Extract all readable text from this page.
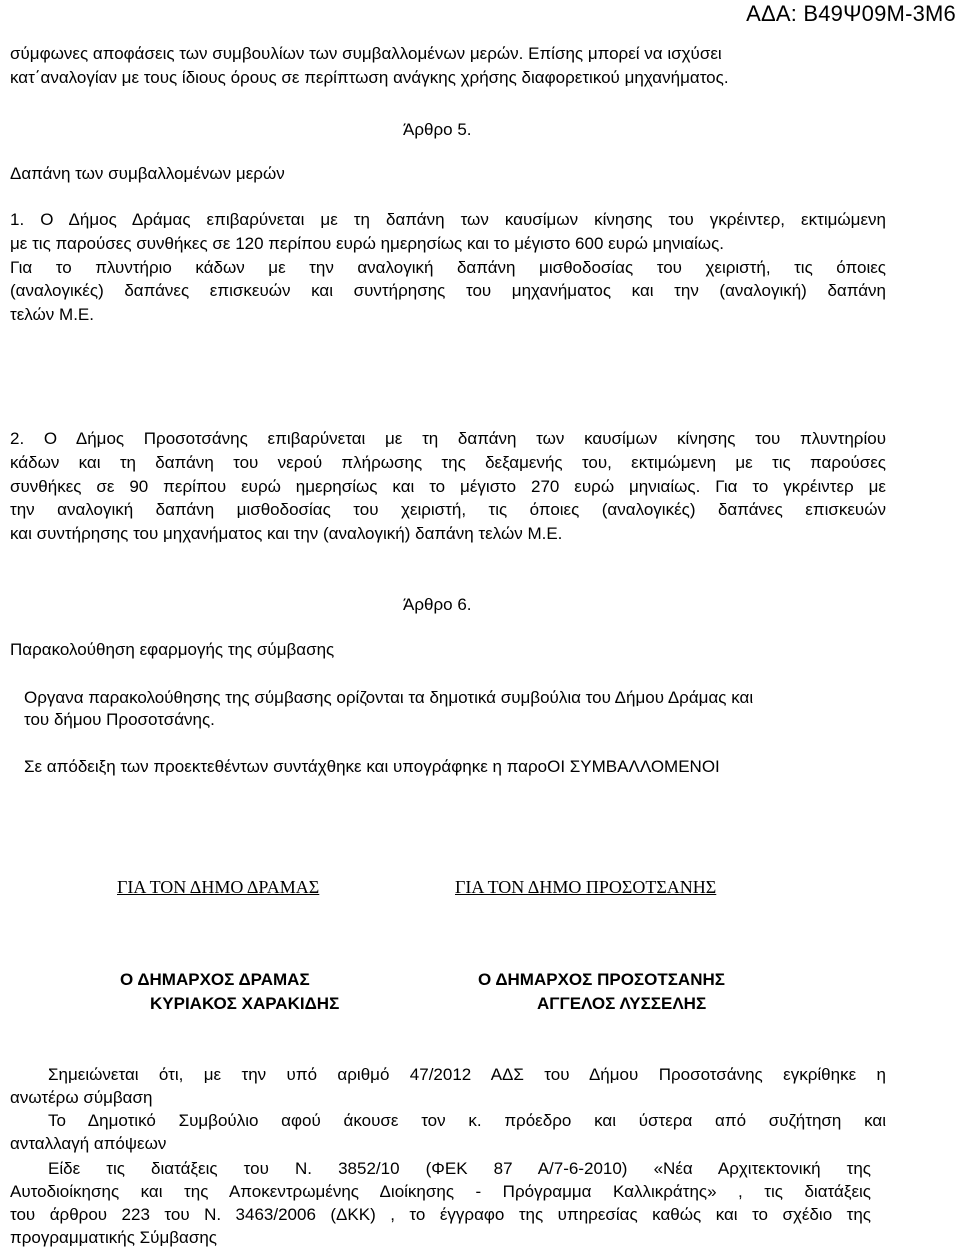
ΑΔΑ: Β49Ψ09Μ-3Μ6
σύμφωνες αποφάσεις των συμβουλίων των συμβαλλομένων μερών. Επίσης μπορεί να ισχύσει
κατ΄αναλογίαν με τους ίδιους όρους σε περίπτωση ανάγκης χρήσης διαφορετικού μηχανήματος.
Άρθρο 5.
Δαπάνη των συμβαλλομένων μερών
1. Ο Δήμος Δράμας επιβαρύνεται με τη δαπάνη των καυσίμων κίνησης του γκρέιντερ, εκτιμώμενη
με τις παρούσες συνθήκες σε 120 περίπου ευρώ ημερησίως και το μέγιστο 600 ευρώ μηνιαίως.
Για το πλυντήριο κάδων με την αναλογική δαπάνη μισθοδοσίας του χειριστή, τις όποιες
(αναλογικές) δαπάνες επισκευών και συντήρησης του μηχανήματος και την (αναλογική) δαπάνη
τελών Μ.Ε.
2. Ο Δήμος Προσοτσάνης επιβαρύνεται με τη δαπάνη των καυσίμων κίνησης του πλυντηρίου
κάδων και τη δαπάνη του νερού πλήρωσης της δεξαμενής του, εκτιμώμενη με τις παρούσες
συνθήκες σε 90 περίπου ευρώ ημερησίως και το μέγιστο 270 ευρώ μηνιαίως. Για το γκρέιντερ με
την αναλογική δαπάνη μισθοδοσίας του χειριστή, τις όποιες (αναλογικές) δαπάνες επισκευών
και συντήρησης του μηχανήματος και την (αναλογική) δαπάνη τελών Μ.Ε.
Άρθρο 6.
Παρακολούθηση εφαρμογής της σύμβασης
Οργανα παρακολούθησης της σύμβασης ορίζονται τα δημοτικά συμβούλια του Δήμου Δράμας και
του δήμου Προσοτσάνης.
Σε απόδειξη των προεκτεθέντων συντάχθηκε και υπογράφηκε η παροΟΙ ΣΥΜΒΑΛΛΟΜΕΝΟΙ
ΓΙΑ ΤΟΝ ΔΗΜΟ ΔΡΑΜΑΣ	ΓΙΑ ΤΟΝ ΔΗΜΟ ΠΡΟΣΟΤΣΑΝΗΣ
Ο ΔΗΜΑΡΧΟΣ ΔΡΑΜΑΣ
ΚΥΡΙΑΚΟΣ ΧΑΡΑΚΙΔΗΣ
Ο ΔΗΜΑΡΧΟΣ ΠΡΟΣΟΤΣΑΝΗΣ
ΑΓΓΕΛΟΣ ΛΥΣΣΕΛΗΣ
Σημειώνεται ότι, με την υπό αριθμό 47/2012 ΑΔΣ του Δήμου Προσοτσάνης εγκρίθηκε η
ανωτέρω σύμβαση
Το Δημοτικό Συμβούλιο αφού άκουσε τον κ. πρόεδρο και ύστερα από συζήτηση και
ανταλλαγή απόψεων
Είδε τις διατάξεις του Ν. 3852/10 (ΦΕΚ 87 Α/7-6-2010) «Νέα Αρχιτεκτονική της
Αυτοδιοίκησης και της Αποκεντρωμένης Διοίκησης - Πρόγραμμα Καλλικράτης» , τις διατάξεις
του άρθρου 223 του Ν. 3463/2006 (ΔΚΚ) , το έγγραφο της υπηρεσίας καθώς και το σχέδιο της
προγραμματικής Σύμβασης
